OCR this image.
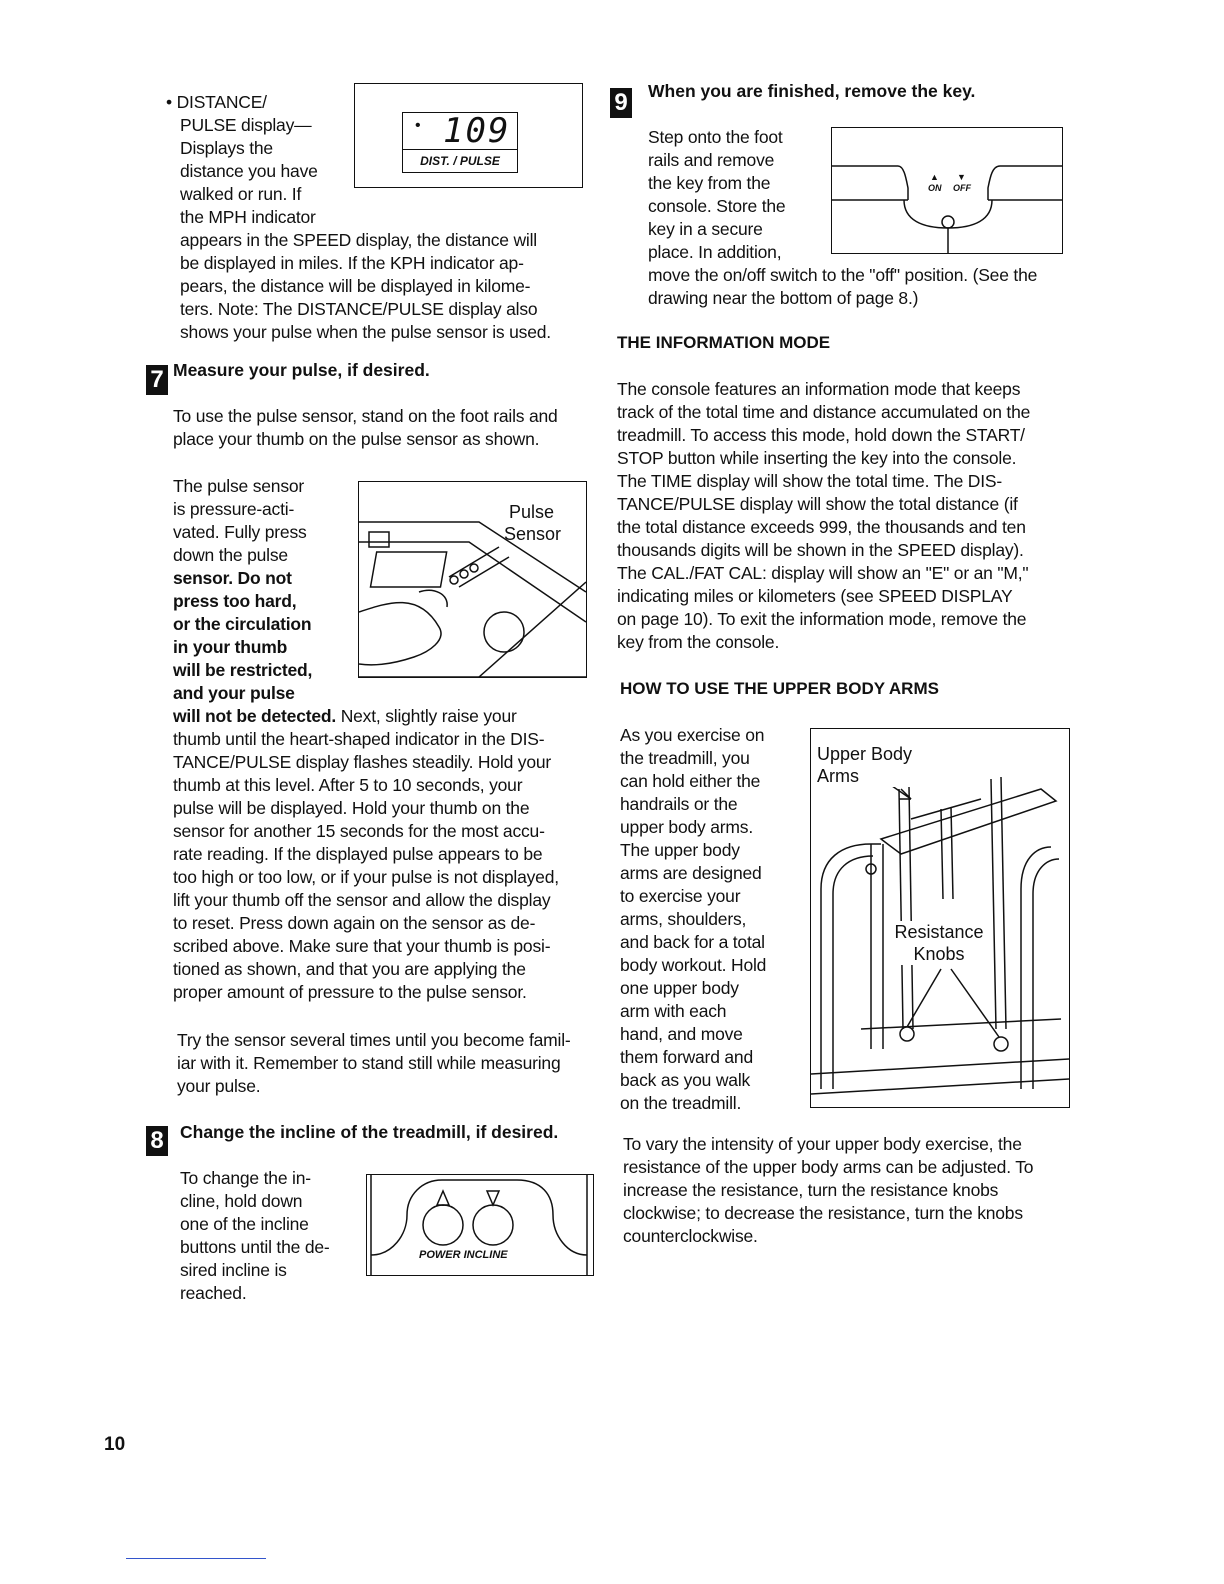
• DISTANCE/
PULSE display—
Displays the
distance you have
walked or run. If
the MPH indicator
appears in the SPEED display, the distance will
be displayed in miles. If the KPH indicator ap-
pears, the distance will be displayed in kilome-
ters. Note: The DISTANCE/PULSE display also
shows your pulse when the pulse sensor is used.
• 109
DIST. / PULSE
7 Measure your pulse, if desired.
To use the pulse sensor, stand on the foot rails and
place your thumb on the pulse sensor as shown.
The pulse sensor
is pressure-acti-
vated. Fully press
down the pulse
sensor. Do not
press too hard,
or the circulation
in your thumb
will be restricted,
and your pulse
will not be detected. Next, slightly raise your
thumb until the heart-shaped indicator in the DIS-
TANCE/PULSE display flashes steadily. Hold your
thumb at this level. After 5 to 10 seconds, your
pulse will be displayed. Hold your thumb on the
sensor for another 15 seconds for the most accu-
rate reading. If the displayed pulse appears to be
too high or too low, or if your pulse is not displayed,
lift your thumb off the sensor and allow the display
to reset. Press down again on the sensor as de-
scribed above. Make sure that your thumb is posi-
tioned as shown, and that you are applying the
proper amount of pressure to the pulse sensor.
Try the sensor several times until you become famil-
iar with it. Remember to stand still while measuring
your pulse.
Pulse
Sensor
8 Change the incline of the treadmill, if desired.
To change the in-
cline, hold down
one of the incline
buttons until the de-
sired incline is
reached.
POWER INCLINE
9 When you are finished, remove the key.
Step onto the foot
rails and remove
the key from the
console. Store the
key in a secure
place. In addition,
move the on/off switch to the "off" position. (See the
drawing near the bottom of page 8.)
▲ ▼
ON OFF
THE INFORMATION MODE
The console features an information mode that keeps
track of the total time and distance accumulated on the
treadmill. To access this mode, hold down the START/
STOP button while inserting the key into the console.
The TIME display will show the total time. The DIS-
TANCE/PULSE display will show the total distance (if
the total distance exceeds 999, the thousands and ten
thousands digits will be shown in the SPEED display).
The CAL./FAT CAL: display will show an "E" or an "M,"
indicating miles or kilometers (see SPEED DISPLAY
on page 10). To exit the information mode, remove the
key from the console.
HOW TO USE THE UPPER BODY ARMS
As you exercise on
the treadmill, you
can hold either the
handrails or the
upper body arms.
The upper body
arms are designed
to exercise your
arms, shoulders,
and back for a total
body workout. Hold
one upper body
arm with each
hand, and move
them forward and
back as you walk
on the treadmill.
Upper Body
Arms
Resistance
Knobs
To vary the intensity of your upper body exercise, the
resistance of the upper body arms can be adjusted. To
increase the resistance, turn the resistance knobs
clockwise; to decrease the resistance, turn the knobs
counterclockwise.
10
